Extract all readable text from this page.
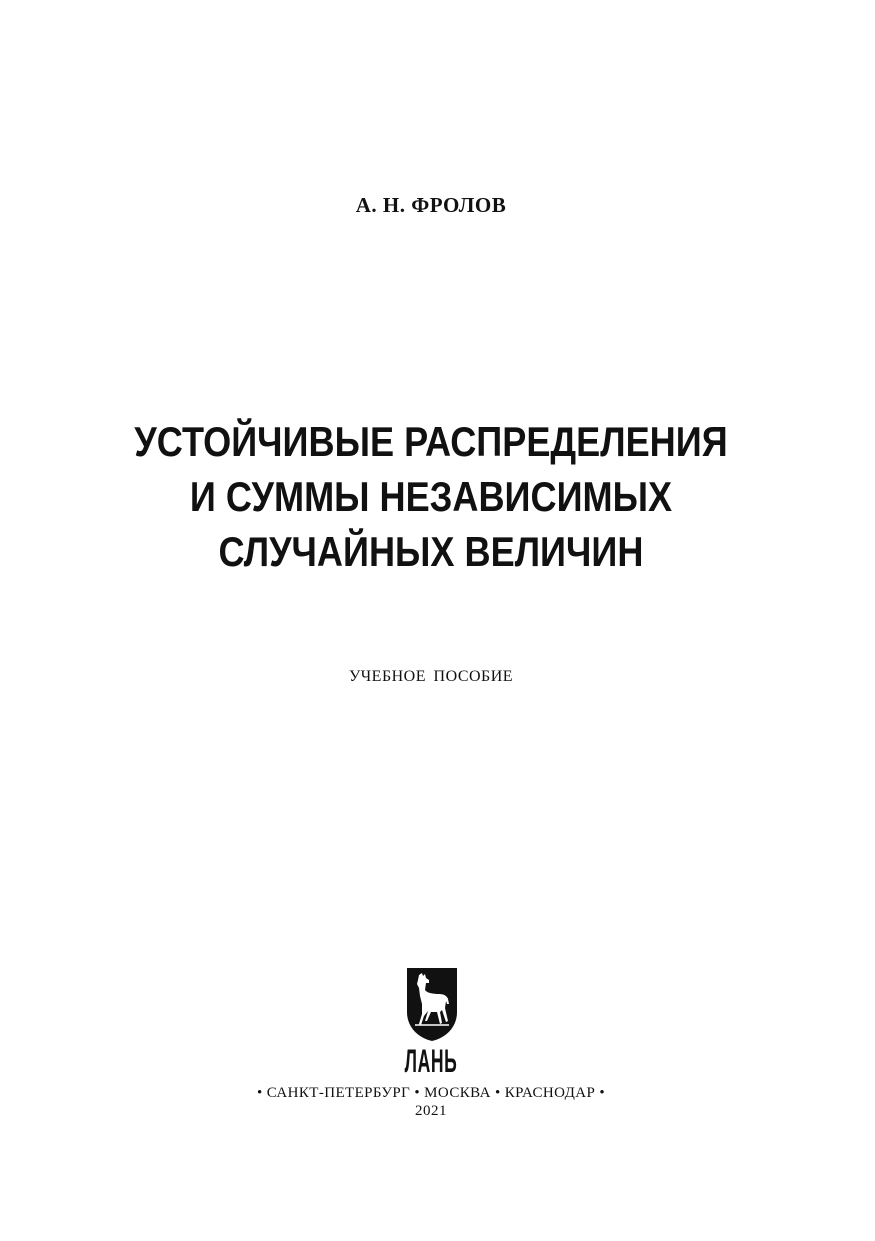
А. Н. ФРОЛОВ
УСТОЙЧИВЫЕ РАСПРЕДЕЛЕНИЯ
И СУММЫ НЕЗАВИСИМЫХ
СЛУЧАЙНЫХ ВЕЛИЧИН
УЧЕБНОЕ ПОСОБИЕ
ЛАНЬ
• САНКТ-ПЕТЕРБУРГ • МОСКВА • КРАСНОДАР •
2021
